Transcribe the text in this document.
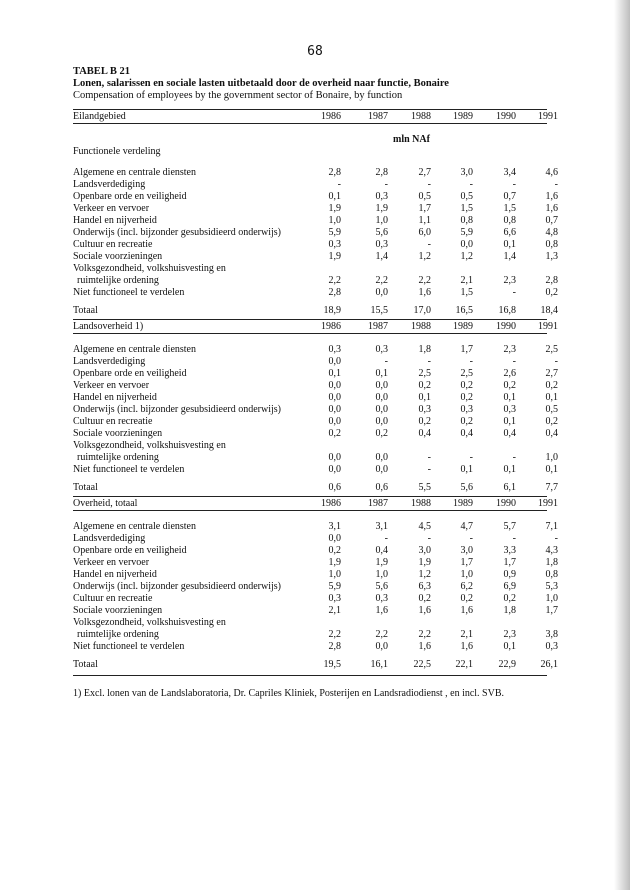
68
TABEL B 21
Lonen, salarissen en sociale lasten uitbetaald door de overheid naar functie, Bonaire
Compensation of employees by the government sector of Bonaire, by function
Eilandgebied	1986	1987	1988	1989	1990	1991
mln NAf
Functionele verdeling
Algemene en centrale diensten	2,8	2,8	2,7	3,0	3,4	4,6
Landsverdediging	-	-	-	-	-	-
Openbare orde en veiligheid	0,1	0,3	0,5	0,5	0,7	1,6
Verkeer en vervoer	1,9	1,9	1,7	1,5	1,5	1,6
Handel en nijverheid	1,0	1,0	1,1	0,8	0,8	0,7
Onderwijs (incl. bijzonder gesubsidieerd onderwijs)	5,9	5,6	6,0	5,9	6,6	4,8
Cultuur en recreatie	0,3	0,3	-	0,0	0,1	0,8
Sociale voorzieningen	1,9	1,4	1,2	1,2	1,4	1,3
Volksgezondheid, volkshuisvesting en
ruimtelijke ordening	2,2	2,2	2,2	2,1	2,3	2,8
Niet functioneel te verdelen	2,8	0,0	1,6	1,5	-	0,2
Totaal	18,9	15,5	17,0	16,5	16,8	18,4
Landsoverheid 1)	1986	1987	1988	1989	1990	1991
Algemene en centrale diensten	0,3	0,3	1,8	1,7	2,3	2,5
Landsverdediging	0,0	-	-	-	-	-
Openbare orde en veiligheid	0,1	0,1	2,5	2,5	2,6	2,7
Verkeer en vervoer	0,0	0,0	0,2	0,2	0,2	0,2
Handel en nijverheid	0,0	0,0	0,1	0,2	0,1	0,1
Onderwijs (incl. bijzonder gesubsidieerd onderwijs)	0,0	0,0	0,3	0,3	0,3	0,5
Cultuur en recreatie	0,0	0,0	0,2	0,2	0,1	0,2
Sociale voorzieningen	0,2	0,2	0,4	0,4	0,4	0,4
Volksgezondheid, volkshuisvesting en
ruimtelijke ordening	0,0	0,0	-	-	-	1,0
Niet functioneel te verdelen	0,0	0,0	-	0,1	0,1	0,1
Totaal	0,6	0,6	5,5	5,6	6,1	7,7
Overheid, totaal	1986	1987	1988	1989	1990	1991
Algemene en centrale diensten	3,1	3,1	4,5	4,7	5,7	7,1
Landsverdediging	0,0	-	-	-	-	-
Openbare orde en veiligheid	0,2	0,4	3,0	3,0	3,3	4,3
Verkeer en vervoer	1,9	1,9	1,9	1,7	1,7	1,8
Handel en nijverheid	1,0	1,0	1,2	1,0	0,9	0,8
Onderwijs (incl. bijzonder gesubsidieerd onderwijs)	5,9	5,6	6,3	6,2	6,9	5,3
Cultuur en recreatie	0,3	0,3	0,2	0,2	0,2	1,0
Sociale voorzieningen	2,1	1,6	1,6	1,6	1,8	1,7
Volksgezondheid, volkshuisvesting en
ruimtelijke ordening	2,2	2,2	2,2	2,1	2,3	3,8
Niet functioneel te verdelen	2,8	0,0	1,6	1,6	0,1	0,3
Totaal	19,5	16,1	22,5	22,1	22,9	26,1
1) Excl. lonen van de Landslaboratoria, Dr. Capriles Kliniek, Posterijen en Landsradiodienst , en incl. SVB.
